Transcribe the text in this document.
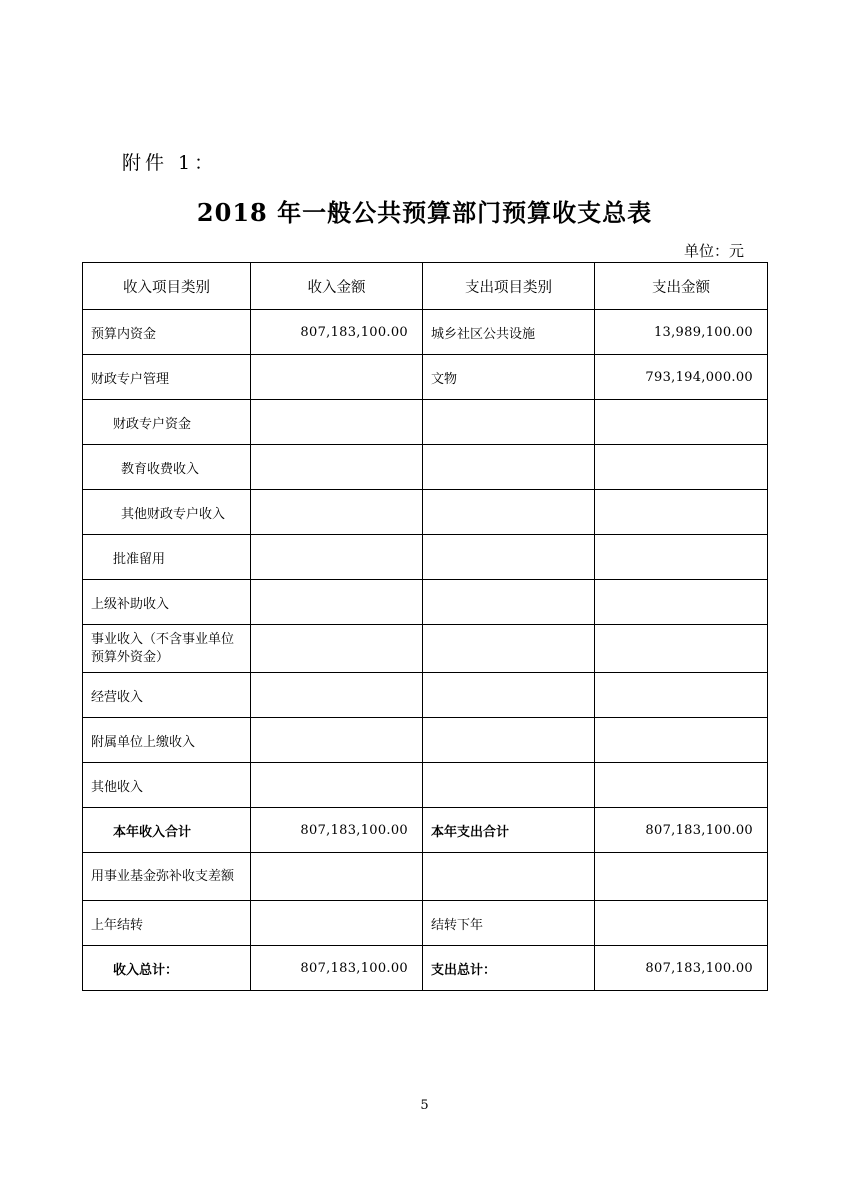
附件 1：
2018 年一般公共预算部门预算收支总表
单位：元
收入项目类别	收入金额	支出项目类别	支出金额

预算内资金	807,183,100.00	城乡社区公共设施	13,989,100.00

财政专户管理		文物	793,194,000.00

财政专户资金			

教育收费收入			

其他财政专户收入			

批准留用			

上级补助收入			

事业收入（不含事业单位预算外资金）			

经营收入			

附属单位上缴收入			

其他收入			

本年收入合计	807,183,100.00	本年支出合计	807,183,100.00

用事业基金弥补收支差额			

上年结转		结转下年	

收入总计：	807,183,100.00	支出总计：	807,183,100.00
5
